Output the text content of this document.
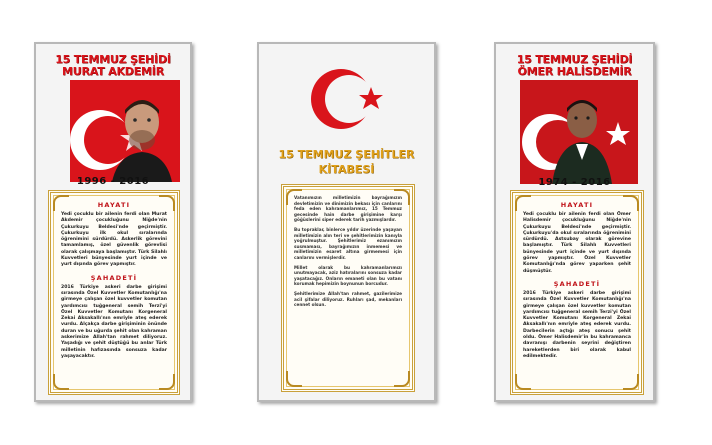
15 TEMMUZ ŞEHİDİ
MURAT AKDEMİR
1996 - 2016
HAYATI

Yedi çocuklu bir ailenin ferdi olan Murat Akdemir çocukluğunu Niğde'nin Çukurkuyu Beldesi'nde geçirmiştir. Çukurkuyu ilk okul sıralarında öğrenimini sürdürdü. Askerlik görevini tamamlamış, özel güvenlik görevlisi olarak çalışmaya başlamıştır. Türk Silahlı Kuvvetleri bünyesinde yurt içinde ve yurt dışında görev yapmıştır.

ŞAHADETİ

2016 Türkiye askeri darbe girişimi sırasında Özel Kuvvetler Komutanlığı'na girmeye çalışan özel kuvvetler komutan yardımcısı tuğgeneral semih Terzi'yi Özel Kuvvetler Komutanı Korgeneral Zekai Aksakallı'nın emriyle ateş ederek vurdu. Alçakça darbe girişiminin önünde duran ve bu uğurda şehit olan kahraman askerimize Allah'tan rahmet diliyoruz. Yaşadığı ve şehit düştüğü bu anlar Türk milletinin hafızasında sonsuza kadar yaşayacaktır.

15 TEMMUZ ŞEHİTLER
KİTABESİ

Vatanımızın milletimizin bayrağımızın devletimizin ve dinimizin bekası için canlarını feda eden kahramanlarımız, 15 Temmuz gecesinde hain darbe girişimine karşı göğüslerini siper ederek tarih yazmışlardır.

Bu topraklar, binlerce yıldır üzerinde yaşayan milletimizin alın teri ve şehitlerimizin kanıyla yoğrulmuştur. Şehitlerimiz ezanımızın susmaması, bayrağımızın inmemesi ve milletimizin esaret altına girmemesi için canlarını vermişlerdir.

Millet olarak bu kahramanlarımızı unutmayacak, aziz hatıralarını sonsuza kadar yaşatacağız. Onların emaneti olan bu vatanı korumak hepimizin boynunun borcudur.

Şehitlerimize Allah'tan rahmet, gazilerimize acil şifalar diliyoruz. Ruhları şad, mekanları cennet olsun.

15 TEMMUZ ŞEHİDİ
ÖMER HALİSDEMİR
1974 - 2016
HAYATI

Yedi çocuklu bir ailenin ferdi olan Ömer Halisdemir çocukluğunu Niğde'nin Çukurkuyu Beldesi'nde geçirmiştir. Çukurkuyu'da okul sıralarında öğrenimini sürdürdü. Astsubay olarak görevine başlamıştır. Türk Silahlı Kuvvetleri bünyesinde yurt içinde ve yurt dışında görev yapmıştır. Özel Kuvvetler Komutanlığı'nda görev yaparken şehit düşmüştür.

ŞAHADETİ

2016 Türkiye askeri darbe girişimi sırasında Özel Kuvvetler Komutanlığı'na girmeye çalışan özel kuvvetler komutan yardımcısı tuğgeneral semih Terzi'yi Özel Kuvvetler Komutanı Korgeneral Zekai Aksakallı'nın emriyle ateş ederek vurdu. Darbecilerin açtığı ateş sonucu şehit oldu. Ömer Halisdemir'in bu kahramanca davranışı darbenin seyrini değiştiren hareketlerden biri olarak kabul edilmektedir.
